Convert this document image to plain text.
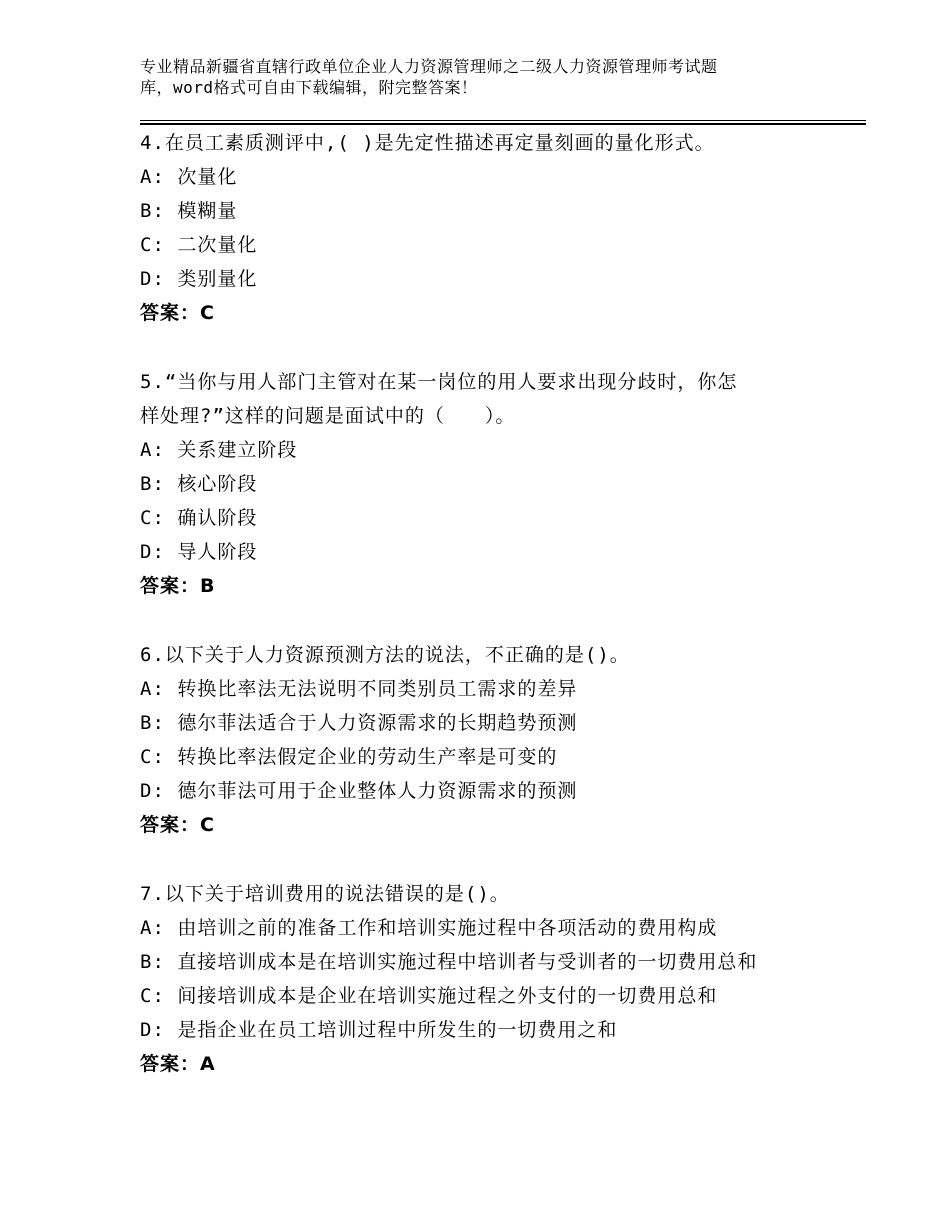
专业精品新疆省直辖行政单位企业人力资源管理师之二级人力资源管理师考试题
库，word格式可自由下载编辑，附完整答案！
4.在员工素质测评中,( )是先定性描述再定量刻画的量化形式。
A: 次量化
B: 模糊量
C: 二次量化
D: 类别量化
答案：C
5.“当你与用人部门主管对在某一岗位的用人要求出现分歧时，你怎
样处理?”这样的问题是面试中的（　　）。
A: 关系建立阶段
B: 核心阶段
C: 确认阶段
D: 导人阶段
答案：B
6.以下关于人力资源预测方法的说法，不正确的是()。
A: 转换比率法无法说明不同类别员工需求的差异
B: 德尔菲法适合于人力资源需求的长期趋势预测
C: 转换比率法假定企业的劳动生产率是可变的
D: 德尔菲法可用于企业整体人力资源需求的预测
答案：C
7.以下关于培训费用的说法错误的是()。
A: 由培训之前的准备工作和培训实施过程中各项活动的费用构成
B: 直接培训成本是在培训实施过程中培训者与受训者的一切费用总和
C: 间接培训成本是企业在培训实施过程之外支付的一切费用总和
D: 是指企业在员工培训过程中所发生的一切费用之和
答案：A
